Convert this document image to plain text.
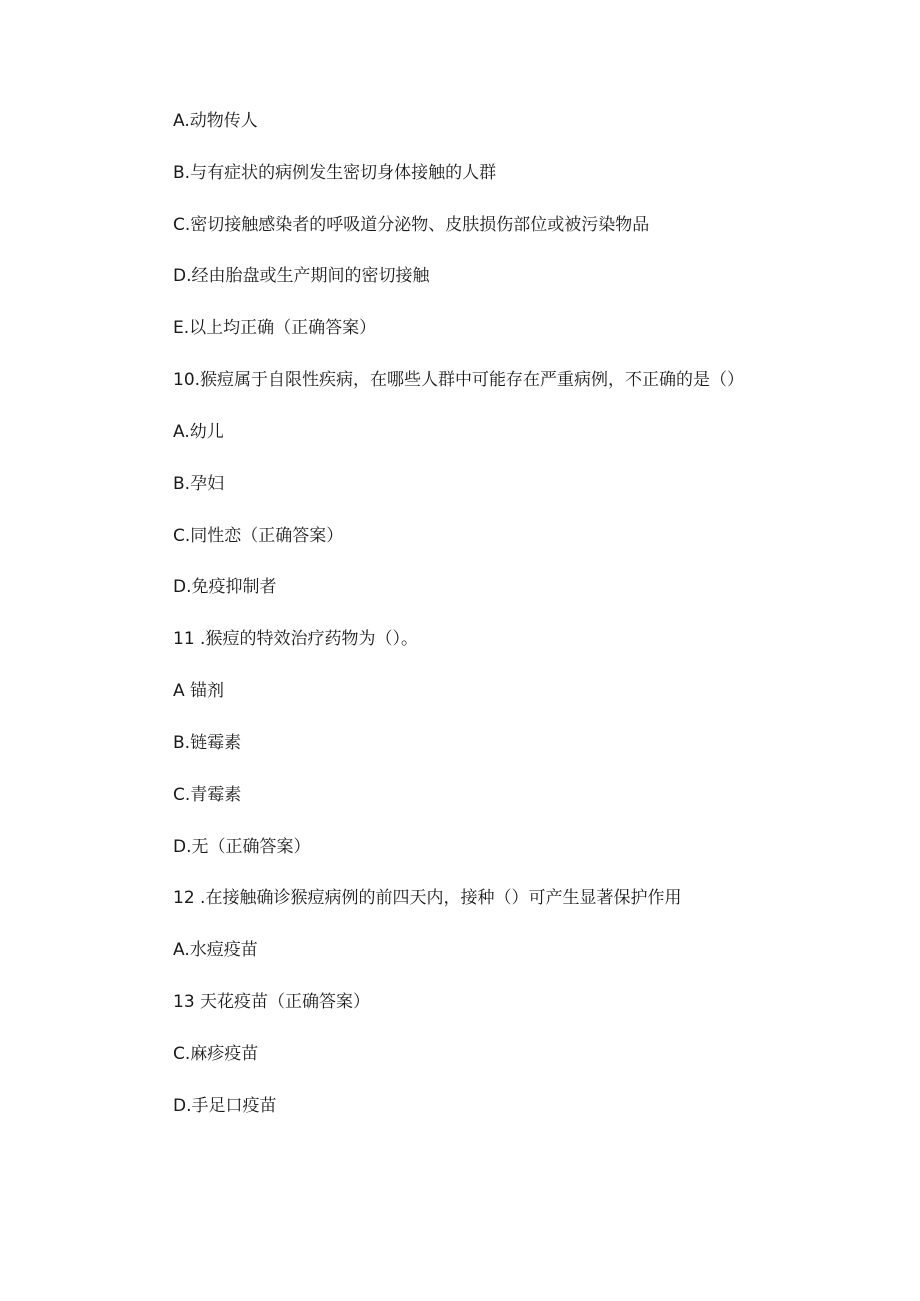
A.动物传人

B.与有症状的病例发生密切身体接触的人群

C.密切接触感染者的呼吸道分泌物、皮肤损伤部位或被污染物品

D.经由胎盘或生产期间的密切接触

E.以上均正确（正确答案）

10.猴痘属于自限性疾病，在哪些人群中可能存在严重病例，不正确的是（）

A.幼儿

B.孕妇

C.同性恋（正确答案）

D.免疫抑制者

11 .猴痘的特效治疗药物为（）。

A 锚剂

B.链霉素

C.青霉素

D.无（正确答案）

12 .在接触确诊猴痘病例的前四天内，接种（）可产生显著保护作用

A.水痘疫苗

13 天花疫苗（正确答案）

C.麻疹疫苗

D.手足口疫苗
